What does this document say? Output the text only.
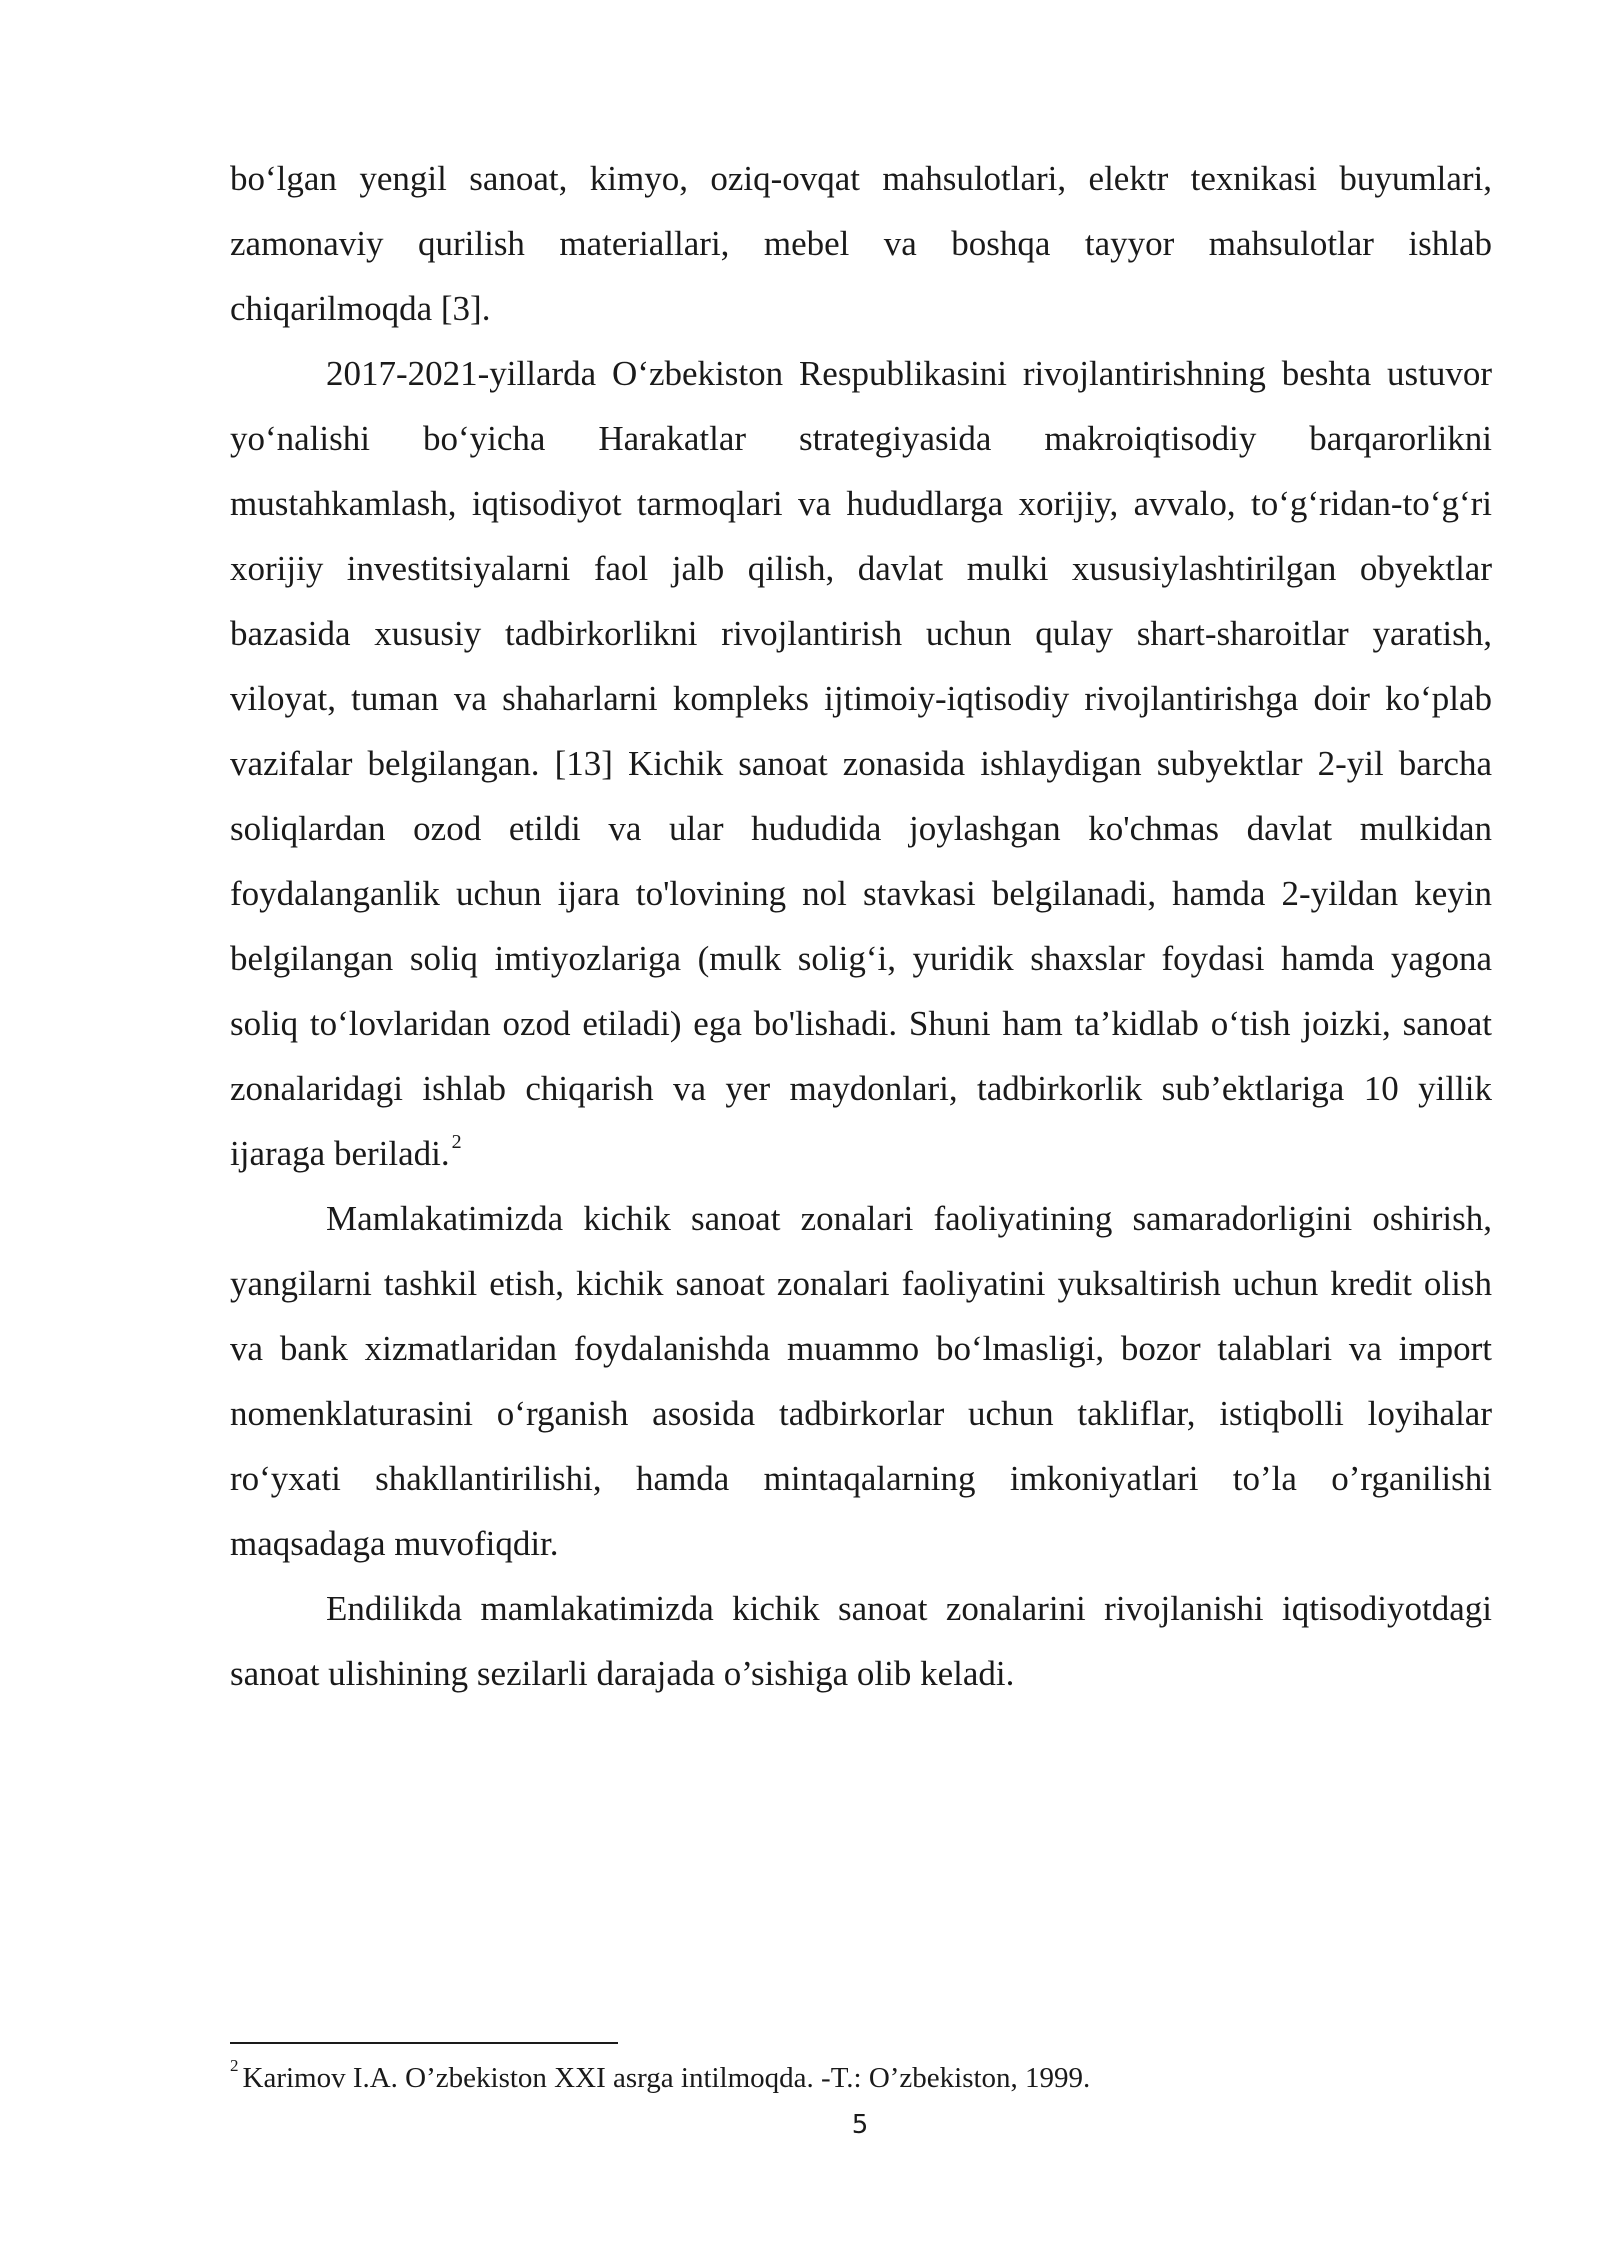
bo‘lgan yengil sanoat, kimyo, oziq-ovqat mahsulotlari, elektr texnikasi buyumlari, zamonaviy qurilish materiallari, mebel va boshqa tayyor mahsulotlar ishlab chiqarilmoqda [3].

2017-2021-yillarda O‘zbekiston Respublikasini rivojlantirishning beshta ustuvor yo‘nalishi bo‘yicha Harakatlar strategiyasida makroiqtisodiy barqarorlikni mustahkamlash, iqtisodiyot tarmoqlari va hududlarga xorijiy, avvalo, to‘g‘ridan-to‘g‘ri xorijiy investitsiyalarni faol jalb qilish, davlat mulki xususiylashtirilgan obyektlar bazasida xususiy tadbirkorlikni rivojlantirish uchun qulay shart-sharoitlar yaratish, viloyat, tuman va shaharlarni kompleks ijtimoiy-iqtisodiy rivojlantirishga doir ko‘plab vazifalar belgilangan. [13] Kichik sanoat zonasida ishlaydigan subyektlar 2-yil barcha soliqlardan ozod etildi va ular hududida joylashgan ko'chmas davlat mulkidan foydalanganlik uchun ijara to'lovining nol stavkasi belgilanadi, hamda 2-yildan keyin belgilangan soliq imtiyozlariga (mulk solig‘i, yuridik shaxslar foydasi hamda yagona soliq to‘lovlaridan ozod etiladi) ega bo'lishadi. Shuni ham ta’kidlab o‘tish joizki, sanoat zonalaridagi ishlab chiqarish va yer maydonlari, tadbirkorlik sub’ektlariga 10 yillik ijaraga beriladi. $^2$

Mamlakatimizda kichik sanoat zonalari faoliyatining samaradorligini oshirish, yangilarni tashkil etish, kichik sanoat zonalari faoliyatini yuksaltirish uchun kredit olish va bank xizmatlaridan foydalanishda muammo bo‘lmasligi, bozor talablari va import nomenklaturasini o‘rganish asosida tadbirkorlar uchun takliflar, istiqbolli loyihalar ro‘yxati shakllantirilishi, hamda mintaqalarning imkoniyatlari to’la o’rganilishi maqsadaga muvofiqdir.

Endilikda mamlakatimizda kichik sanoat zonalarini rivojlanishi iqtisodiyotdagi sanoat ulishining sezilarli darajada o’sishiga olib keladi.

$^2$ Karimov I.A. O’zbekiston XXI asrga intilmoqda. -T.: O’zbekiston, 1999.
5
